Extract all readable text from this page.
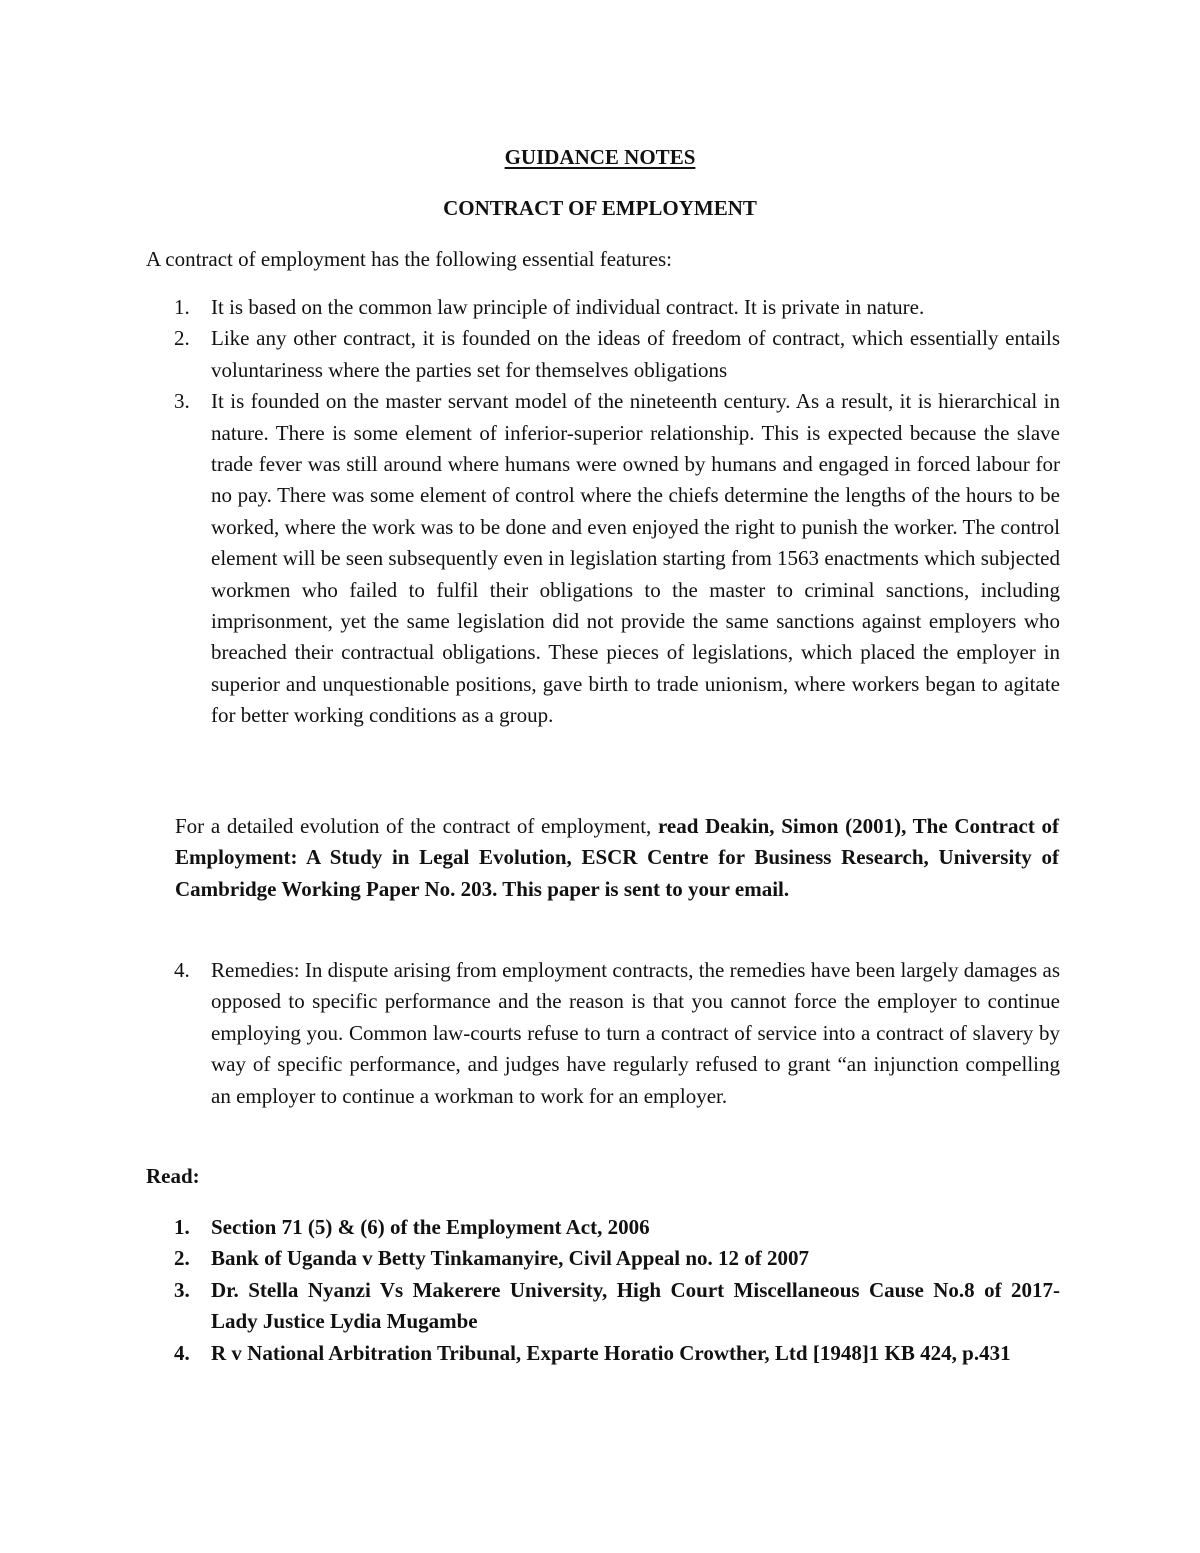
GUIDANCE NOTES
CONTRACT OF EMPLOYMENT
A contract of employment has the following essential features:
1. It is based on the common law principle of individual contract. It is private in nature.
2. Like any other contract, it is founded on the ideas of freedom of contract, which essentially entails voluntariness where the parties set for themselves obligations
3. It is founded on the master servant model of the nineteenth century. As a result, it is hierarchical in nature. There is some element of inferior-superior relationship. This is expected because the slave trade fever was still around where humans were owned by humans and engaged in forced labour for no pay. There was some element of control where the chiefs determine the lengths of the hours to be worked, where the work was to be done and even enjoyed the right to punish the worker. The control element will be seen subsequently even in legislation starting from 1563 enactments which subjected workmen who failed to fulfil their obligations to the master to criminal sanctions, including imprisonment, yet the same legislation did not provide the same sanctions against employers who breached their contractual obligations. These pieces of legislations, which placed the employer in superior and unquestionable positions, gave birth to trade unionism, where workers began to agitate for better working conditions as a group.

For a detailed evolution of the contract of employment, read Deakin, Simon (2001), The Contract of Employment: A Study in Legal Evolution, ESCR Centre for Business Research, University of Cambridge Working Paper No. 203. This paper is sent to your email.

4. Remedies: In dispute arising from employment contracts, the remedies have been largely damages as opposed to specific performance and the reason is that you cannot force the employer to continue employing you. Common law-courts refuse to turn a contract of service into a contract of slavery by way of specific performance, and judges have regularly refused to grant “an injunction compelling an employer to continue a workman to work for an employer.
Read:
1. Section 71 (5) & (6) of the Employment Act, 2006
2. Bank of Uganda v Betty Tinkamanyire, Civil Appeal no. 12 of 2007
3. Dr. Stella Nyanzi Vs Makerere University, High Court Miscellaneous Cause No.8 of 2017- Lady Justice Lydia Mugambe
4. R v National Arbitration Tribunal, Exparte Horatio Crowther, Ltd [1948]1 KB 424, p.431
